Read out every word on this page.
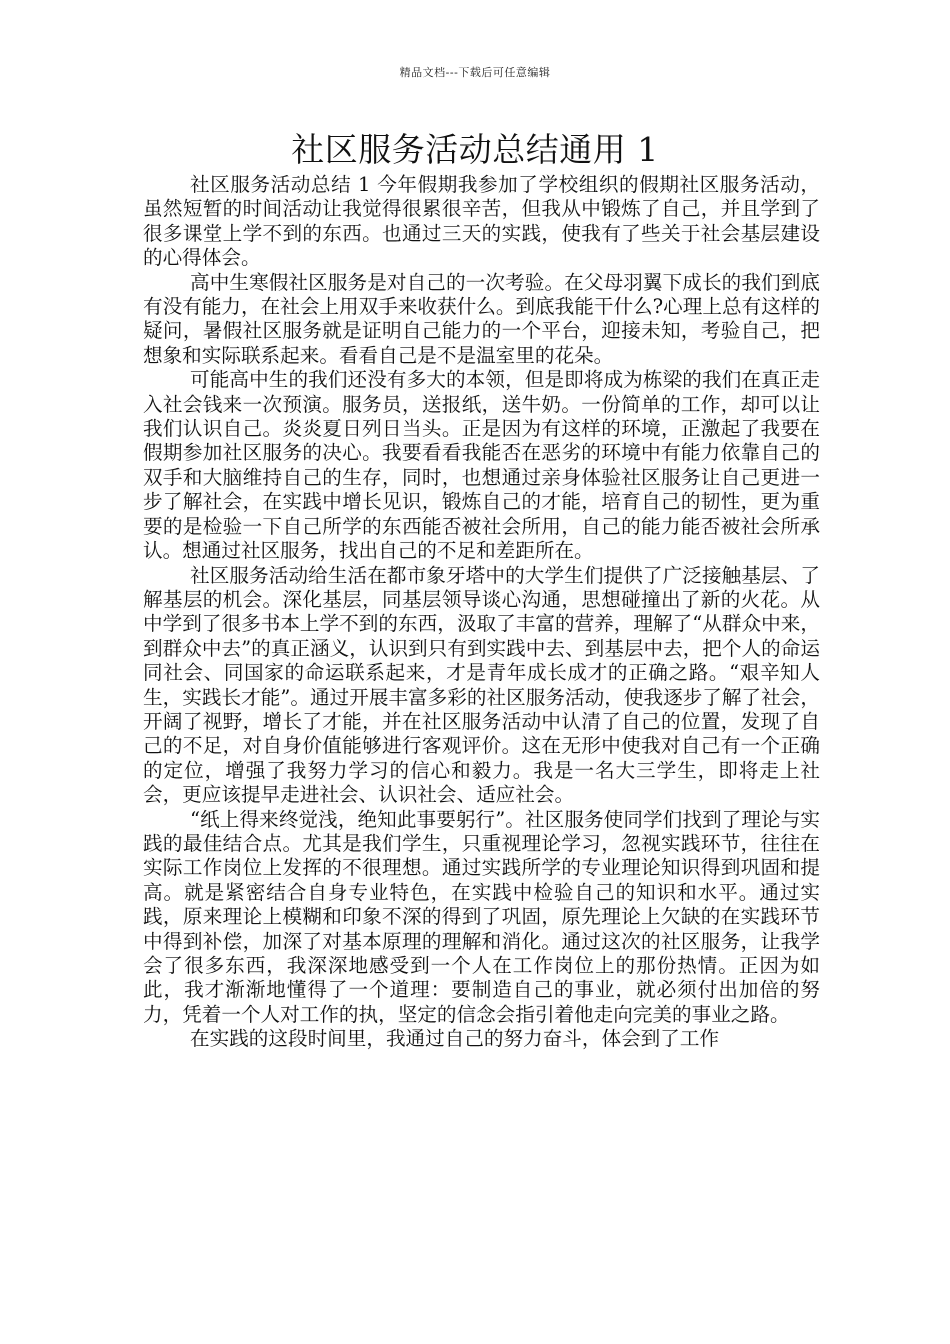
精品文档---下载后可任意编辑
社区服务活动总结通用 1

社区服务活动总结 1 今年假期我参加了学校组织的假期社区服务活动，虽然短暂的时间活动让我觉得很累很辛苦，但我从中锻炼了自己，并且学到了很多课堂上学不到的东西。也通过三天的实践，使我有了些关于社会基层建设的心得体会。

高中生寒假社区服务是对自己的一次考验。在父母羽翼下成长的我们到底有没有能力，在社会上用双手来收获什么。到底我能干什么?心理上总有这样的疑问，暑假社区服务就是证明自己能力的一个平台，迎接未知，考验自己，把想象和实际联系起来。看看自己是不是温室里的花朵。

可能高中生的我们还没有多大的本领，但是即将成为栋梁的我们在真正走入社会钱来一次预演。服务员，送报纸，送牛奶。一份简单的工作，却可以让我们认识自己。炎炎夏日列日当头。正是因为有这样的环境，正激起了我要在假期参加社区服务的决心。我要看看我能否在恶劣的环境中有能力依靠自己的双手和大脑维持自己的生存，同时，也想通过亲身体验社区服务让自己更进一步了解社会，在实践中增长见识，锻炼自己的才能，培育自己的韧性，更为重要的是检验一下自己所学的东西能否被社会所用，自己的能力能否被社会所承认。想通过社区服务，找出自己的不足和差距所在。

社区服务活动给生活在都市象牙塔中的大学生们提供了广泛接触基层、了解基层的机会。深化基层，同基层领导谈心沟通，思想碰撞出了新的火花。从中学到了很多书本上学不到的东西，汲取了丰富的营养，理解了“从群众中来，到群众中去”的真正涵义，认识到只有到实践中去、到基层中去，把个人的命运同社会、同国家的命运联系起来，才是青年成长成才的正确之路。“艰辛知人生，实践长才能”。通过开展丰富多彩的社区服务活动，使我逐步了解了社会，开阔了视野，增长了才能，并在社区服务活动中认清了自己的位置，发现了自己的不足，对自身价值能够进行客观评价。这在无形中使我对自己有一个正确的定位，增强了我努力学习的信心和毅力。我是一名大三学生，即将走上社会，更应该提早走进社会、认识社会、适应社会。

“纸上得来终觉浅，绝知此事要躬行”。社区服务使同学们找到了理论与实践的最佳结合点。尤其是我们学生，只重视理论学习，忽视实践环节，往往在实际工作岗位上发挥的不很理想。通过实践所学的专业理论知识得到巩固和提高。就是紧密结合自身专业特色，在实践中检验自己的知识和水平。通过实践，原来理论上模糊和印象不深的得到了巩固，原先理论上欠缺的在实践环节中得到补偿，加深了对基本原理的理解和消化。通过这次的社区服务，让我学会了很多东西，我深深地感受到一个人在工作岗位上的那份热情。正因为如此，我才渐渐地懂得了一个道理：要制造自己的事业，就必须付出加倍的努力，凭着一个人对工作的执，坚定的信念会指引着他走向完美的事业之路。

在实践的这段时间里，我通过自己的努力奋斗，体会到了工作
